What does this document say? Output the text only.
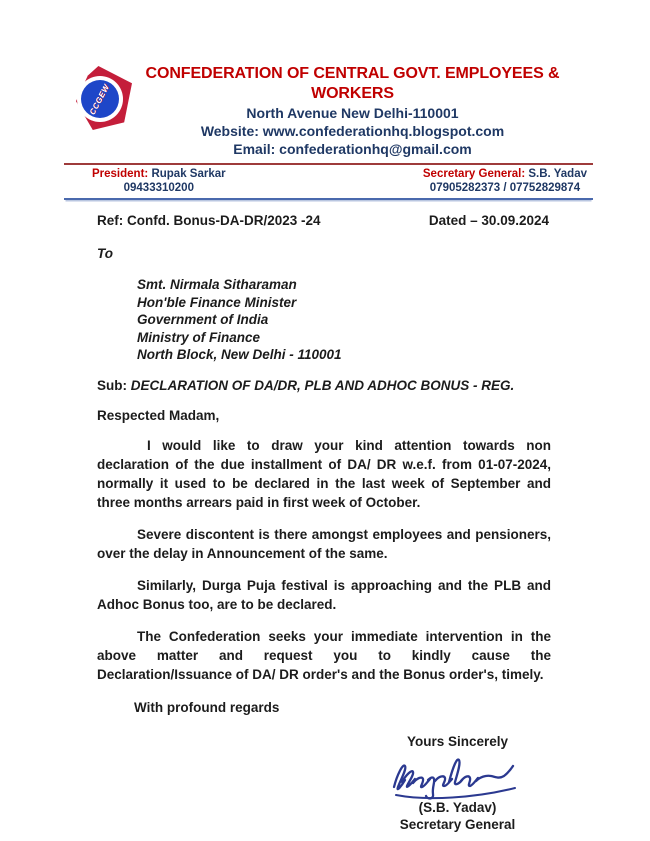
CCGEW
CONFEDERATION OF CENTRAL GOVT. EMPLOYEES & WORKERS
North Avenue New Delhi-110001
Website: www.confederationhq.blogspot.com
Email: confederationhq@gmail.com
President: Rupak Sarkar
09433310200
Secretary General: S.B. Yadav
07905282373 / 07752829874
Ref: Confd. Bonus-DA-DR/2023 -24	Dated – 30.09.2024
To
Smt. Nirmala Sitharaman
Hon'ble Finance Minister
Government of India
Ministry of Finance
North Block, New Delhi - 110001
Sub: DECLARATION OF DA/DR, PLB AND ADHOC BONUS - REG.
Respected Madam,

I would like to draw your kind attention towards non declaration of the due installment of DA/ DR w.e.f. from 01-07-2024, normally it used to be declared in the last week of September and three months arrears paid in first week of October.

Severe discontent is there amongst employees and pensioners, over the delay in Announcement of the same.

Similarly, Durga Puja festival is approaching and the PLB and Adhoc Bonus too, are to be declared.

The Confederation seeks your immediate intervention in the above matter and request you to kindly cause the Declaration/Issuance of DA/ DR order's and the Bonus order's, timely.

With profound regards
Yours Sincerely
(S.B. Yadav)
Secretary General
